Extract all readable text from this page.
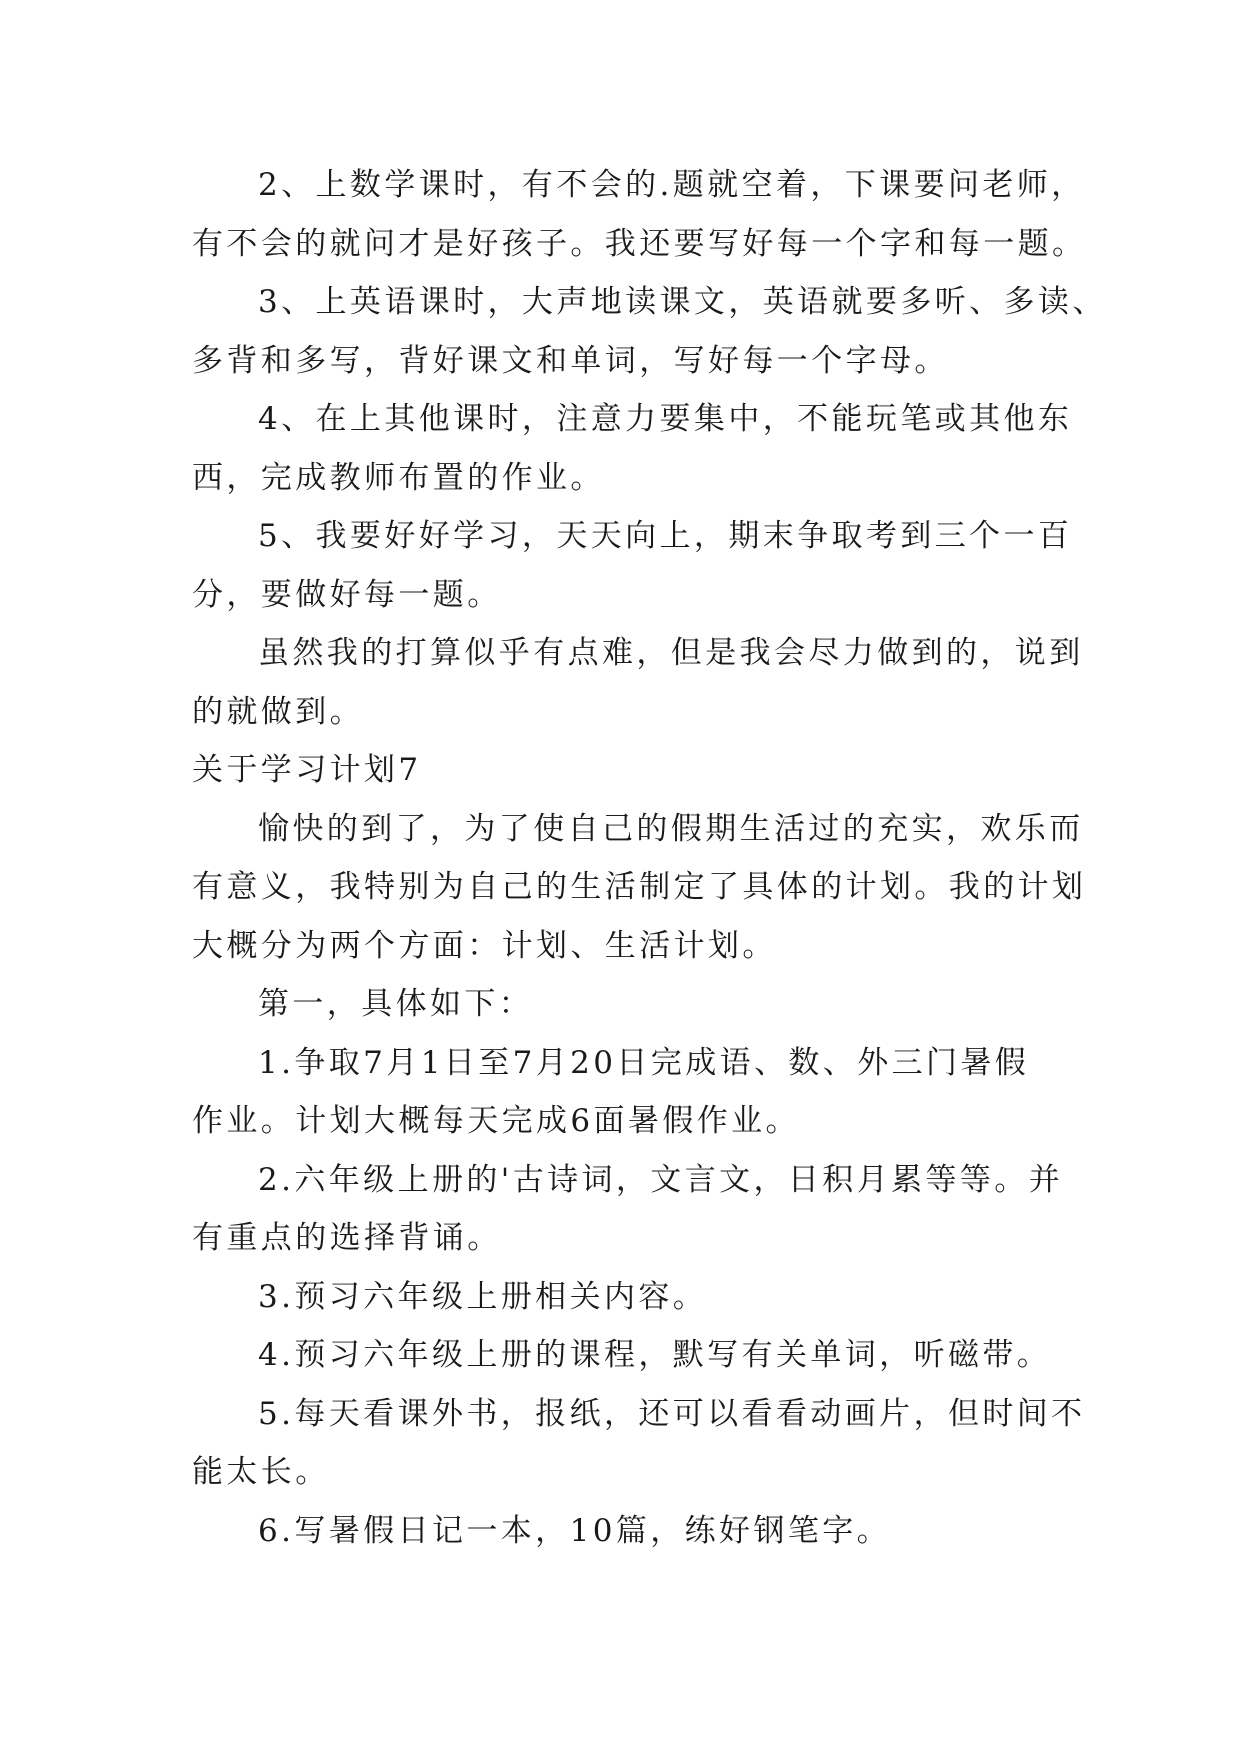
2、上数学课时，有不会的.题就空着，下课要问老师，

有不会的就问才是好孩子。我还要写好每一个字和每一题。

3、上英语课时，大声地读课文，英语就要多听、多读、

多背和多写，背好课文和单词，写好每一个字母。

4、在上其他课时，注意力要集中，不能玩笔或其他东

西，完成教师布置的作业。

5、我要好好学习，天天向上，期末争取考到三个一百

分，要做好每一题。

虽然我的打算似乎有点难，但是我会尽力做到的，说到

的就做到。

关于学习计划7

愉快的到了，为了使自己的假期生活过的充实，欢乐而

有意义，我特别为自己的生活制定了具体的计划。我的计划

大概分为两个方面：计划、生活计划。

第一，具体如下：

1.争取7月1日至7月20日完成语、数、外三门暑假

作业。计划大概每天完成6面暑假作业。

2.六年级上册的'古诗词，文言文，日积月累等等。并

有重点的选择背诵。

3.预习六年级上册相关内容。

4.预习六年级上册的课程，默写有关单词，听磁带。

5.每天看课外书，报纸，还可以看看动画片，但时间不

能太长。

6.写暑假日记一本，10篇，练好钢笔字。
